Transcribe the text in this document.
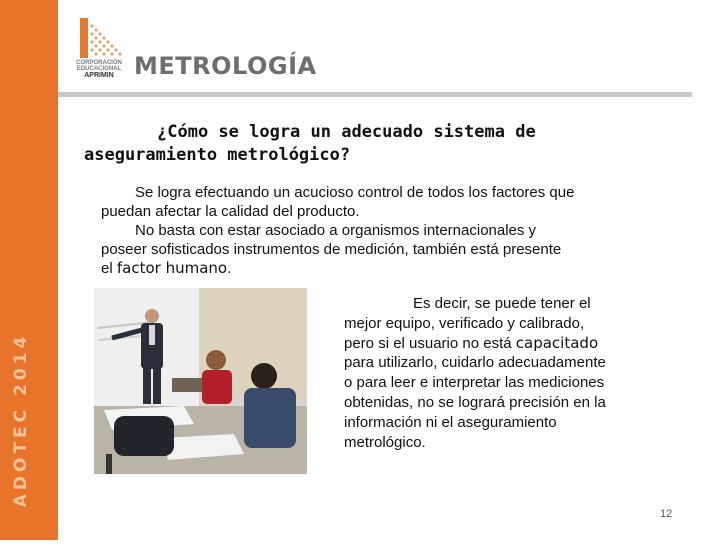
ADOTEC 2014
CORPORACIÓN
EDUCACIONAL
APRIMIN METROLOGÍA
¿Cómo se logra un adecuado sistema de
aseguramiento metrológico?
Se logra efectuando un acucioso control de todos los factores que
puedan afectar la calidad del producto.
No basta con estar asociado a organismos internacionales y
poseer sofisticados instrumentos de medición, también está presente
el factor humano.
Es decir, se puede tener el
mejor equipo, verificado y calibrado,
pero si el usuario no está capacitado
para utilizarlo, cuidarlo adecuadamente
o para leer e interpretar las mediciones
obtenidas, no se logrará precisión en la
información ni el aseguramiento
metrológico.
12
